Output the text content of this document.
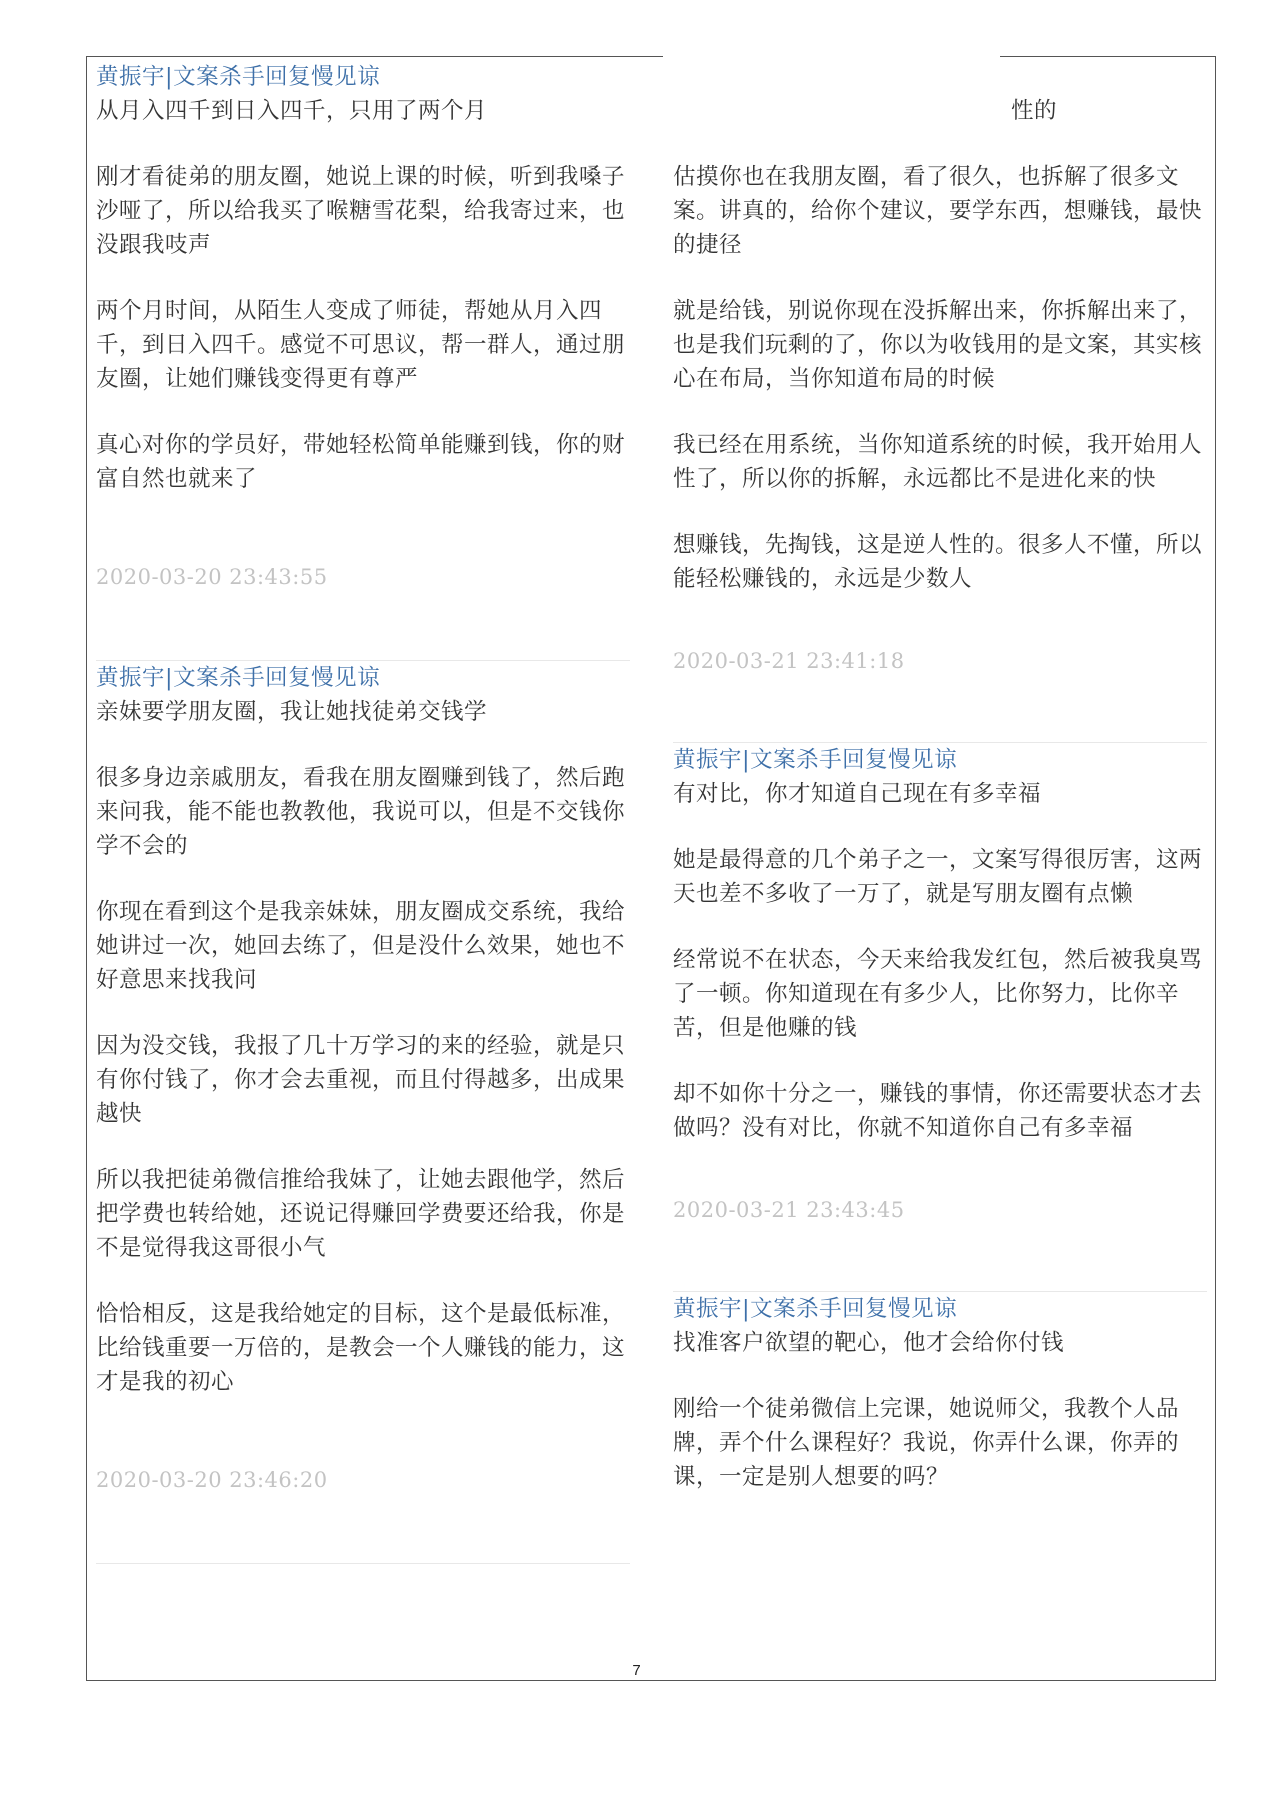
黄振宇|文案杀手回复慢见谅
从月入四千到日入四千，只用了两个月
刚才看徒弟的朋友圈，她说上课的时候，听到我嗓子沙哑了，所以给我买了喉糖雪花梨，给我寄过来，也没跟我吱声
两个月时间，从陌生人变成了师徒，帮她从月入四千，到日入四千。感觉不可思议，帮一群人，通过朋友圈，让她们赚钱变得更有尊严
真心对你的学员好，带她轻松简单能赚到钱，你的财富自然也就来了
2020-03-20 23:43:55
黄振宇|文案杀手回复慢见谅
亲妹要学朋友圈，我让她找徒弟交钱学
很多身边亲戚朋友，看我在朋友圈赚到钱了，然后跑来问我，能不能也教教他，我说可以，但是不交钱你学不会的
你现在看到这个是我亲妹妹，朋友圈成交系统，我给她讲过一次，她回去练了，但是没什么效果，她也不好意思来找我问
因为没交钱，我报了几十万学习的来的经验，就是只有你付钱了，你才会去重视，而且付得越多，出成果越快
所以我把徒弟微信推给我妹了，让她去跟他学，然后把学费也转给她，还说记得赚回学费要还给我，你是不是觉得我这哥很小气
恰恰相反，这是我给她定的目标，这个是最低标准，比给钱重要一万倍的，是教会一个人赚钱的能力，这才是我的初心
2020-03-20 23:46:20
性的
估摸你也在我朋友圈，看了很久，也拆解了很多文案。讲真的，给你个建议，要学东西，想赚钱，最快的捷径
就是给钱，别说你现在没拆解出来，你拆解出来了，也是我们玩剩的了，你以为收钱用的是文案，其实核心在布局，当你知道布局的时候
我已经在用系统，当你知道系统的时候，我开始用人性了，所以你的拆解，永远都比不是进化来的快
想赚钱，先掏钱，这是逆人性的。很多人不懂，所以能轻松赚钱的，永远是少数人
2020-03-21 23:41:18
黄振宇|文案杀手回复慢见谅
有对比，你才知道自己现在有多幸福
她是最得意的几个弟子之一，文案写得很厉害，这两天也差不多收了一万了，就是写朋友圈有点懒
经常说不在状态，今天来给我发红包，然后被我臭骂了一顿。你知道现在有多少人，比你努力，比你辛苦，但是他赚的钱
却不如你十分之一，赚钱的事情，你还需要状态才去做吗？没有对比，你就不知道你自己有多幸福
2020-03-21 23:43:45
黄振宇|文案杀手回复慢见谅
找准客户欲望的靶心，他才会给你付钱
刚给一个徒弟微信上完课，她说师父，我教个人品牌，弄个什么课程好？我说，你弄什么课，你弄的课，一定是别人想要的吗？
7
